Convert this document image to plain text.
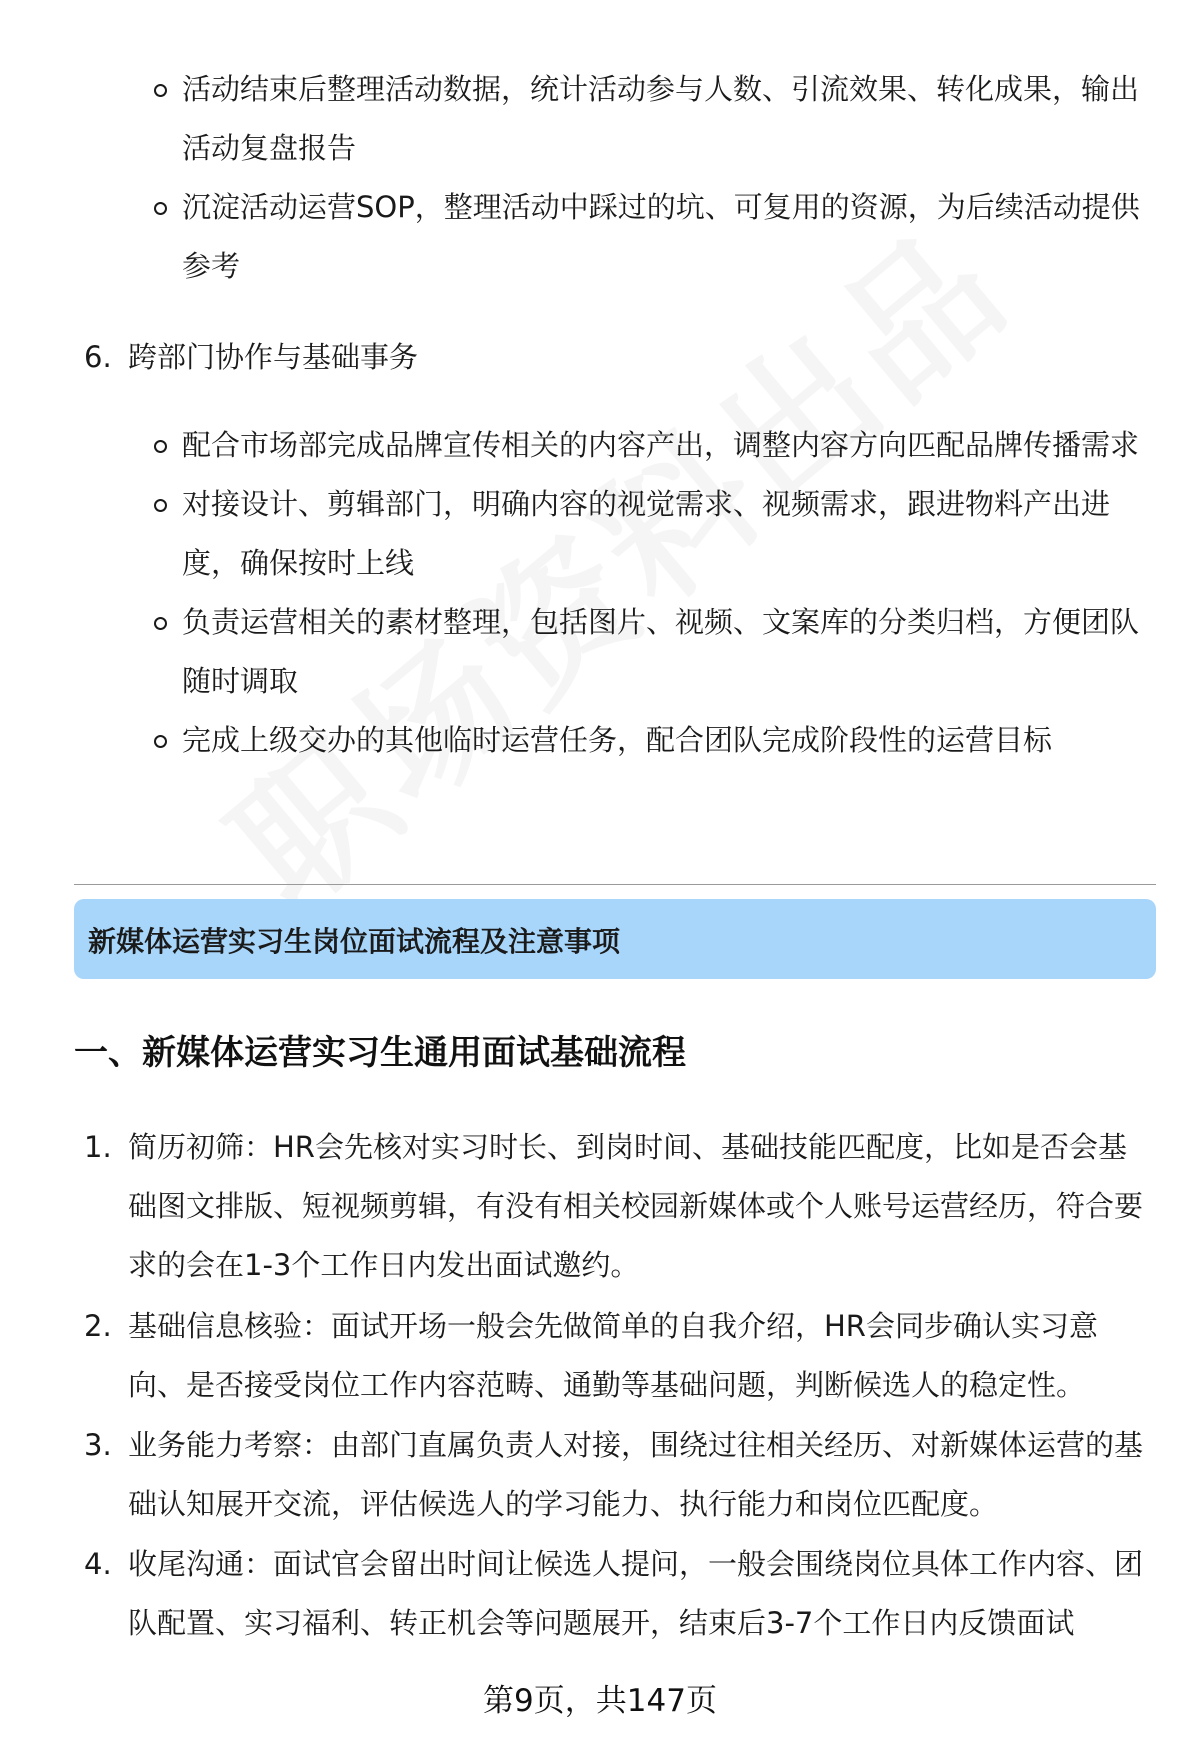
活动结束后整理活动数据，统计活动参与人数、引流效果、转化成果，输出活动复盘报告
沉淀活动运营SOP，整理活动中踩过的坑、可复用的资源，为后续活动提供参考
6. 跨部门协作与基础事务
配合市场部完成品牌宣传相关的内容产出，调整内容方向匹配品牌传播需求
对接设计、剪辑部门，明确内容的视觉需求、视频需求，跟进物料产出进度，确保按时上线
负责运营相关的素材整理，包括图片、视频、文案库的分类归档，方便团队随时调取
完成上级交办的其他临时运营任务，配合团队完成阶段性的运营目标
新媒体运营实习生岗位面试流程及注意事项
一、新媒体运营实习生通用面试基础流程
1. 简历初筛：HR会先核对实习时长、到岗时间、基础技能匹配度，比如是否会基础图文排版、短视频剪辑，有没有相关校园新媒体或个人账号运营经历，符合要求的会在1-3个工作日内发出面试邀约。
2. 基础信息核验：面试开场一般会先做简单的自我介绍，HR会同步确认实习意向、是否接受岗位工作内容范畴、通勤等基础问题，判断候选人的稳定性。
3. 业务能力考察：由部门直属负责人对接，围绕过往相关经历、对新媒体运营的基础认知展开交流，评估候选人的学习能力、执行能力和岗位匹配度。
4. 收尾沟通：面试官会留出时间让候选人提问，一般会围绕岗位具体工作内容、团队配置、实习福利、转正机会等问题展开，结束后3-7个工作日内反馈面试
第9页，共147页
